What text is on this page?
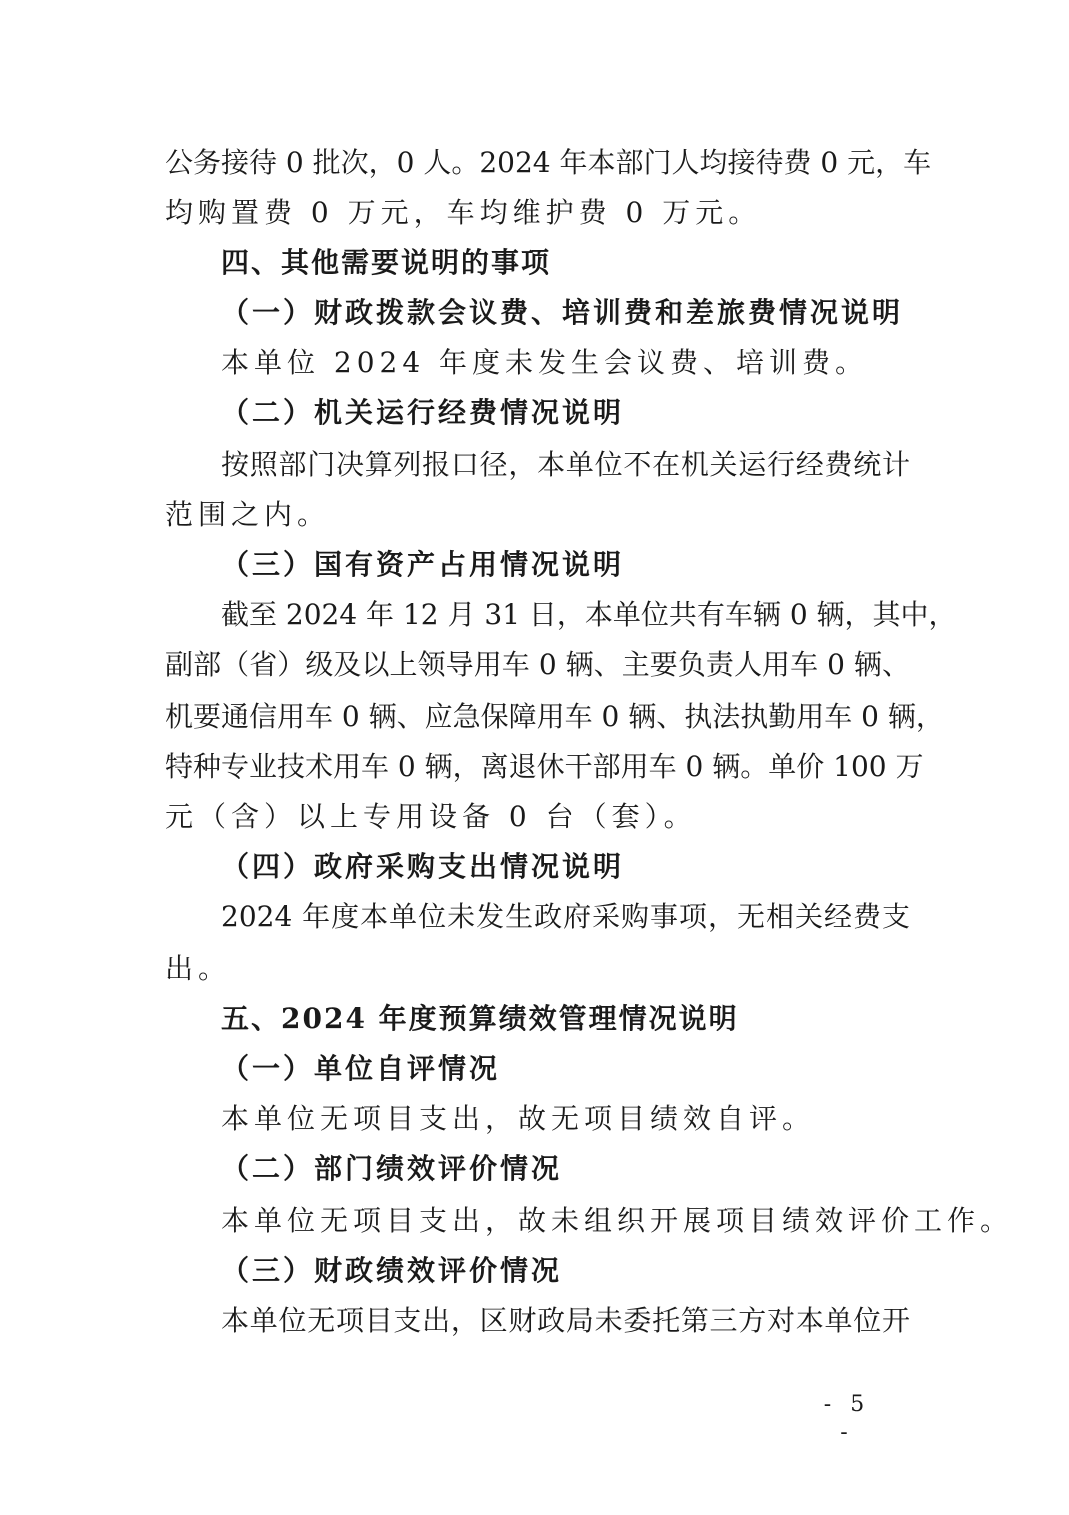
公务接待 0 批次，0 人。2024 年本部门人均接待费 0 元，车
均购置费 0 万元，车均维护费 0 万元。
四、其他需要说明的事项
（一）财政拨款会议费、培训费和差旅费情况说明
本单位 2024 年度未发生会议费、培训费。
（二）机关运行经费情况说明
按照部门决算列报口径，本单位不在机关运行经费统计
范围之内。
（三）国有资产占用情况说明
截至 2024 年 12 月 31 日，本单位共有车辆 0 辆，其中，
副部（省）级及以上领导用车 0 辆、主要负责人用车 0 辆、
机要通信用车 0 辆、应急保障用车 0 辆、执法执勤用车 0 辆，
特种专业技术用车 0 辆，离退休干部用车 0 辆。单价 100 万
元（含）以上专用设备 0 台（套）。
（四）政府采购支出情况说明
2024 年度本单位未发生政府采购事项，无相关经费支
出。
五、2024 年度预算绩效管理情况说明
（一）单位自评情况
本单位无项目支出，故无项目绩效自评。
（二）部门绩效评价情况
本单位无项目支出，故未组织开展项目绩效评价工作。
（三）财政绩效评价情况
本单位无项目支出，区财政局未委托第三方对本单位开
- 5 -
